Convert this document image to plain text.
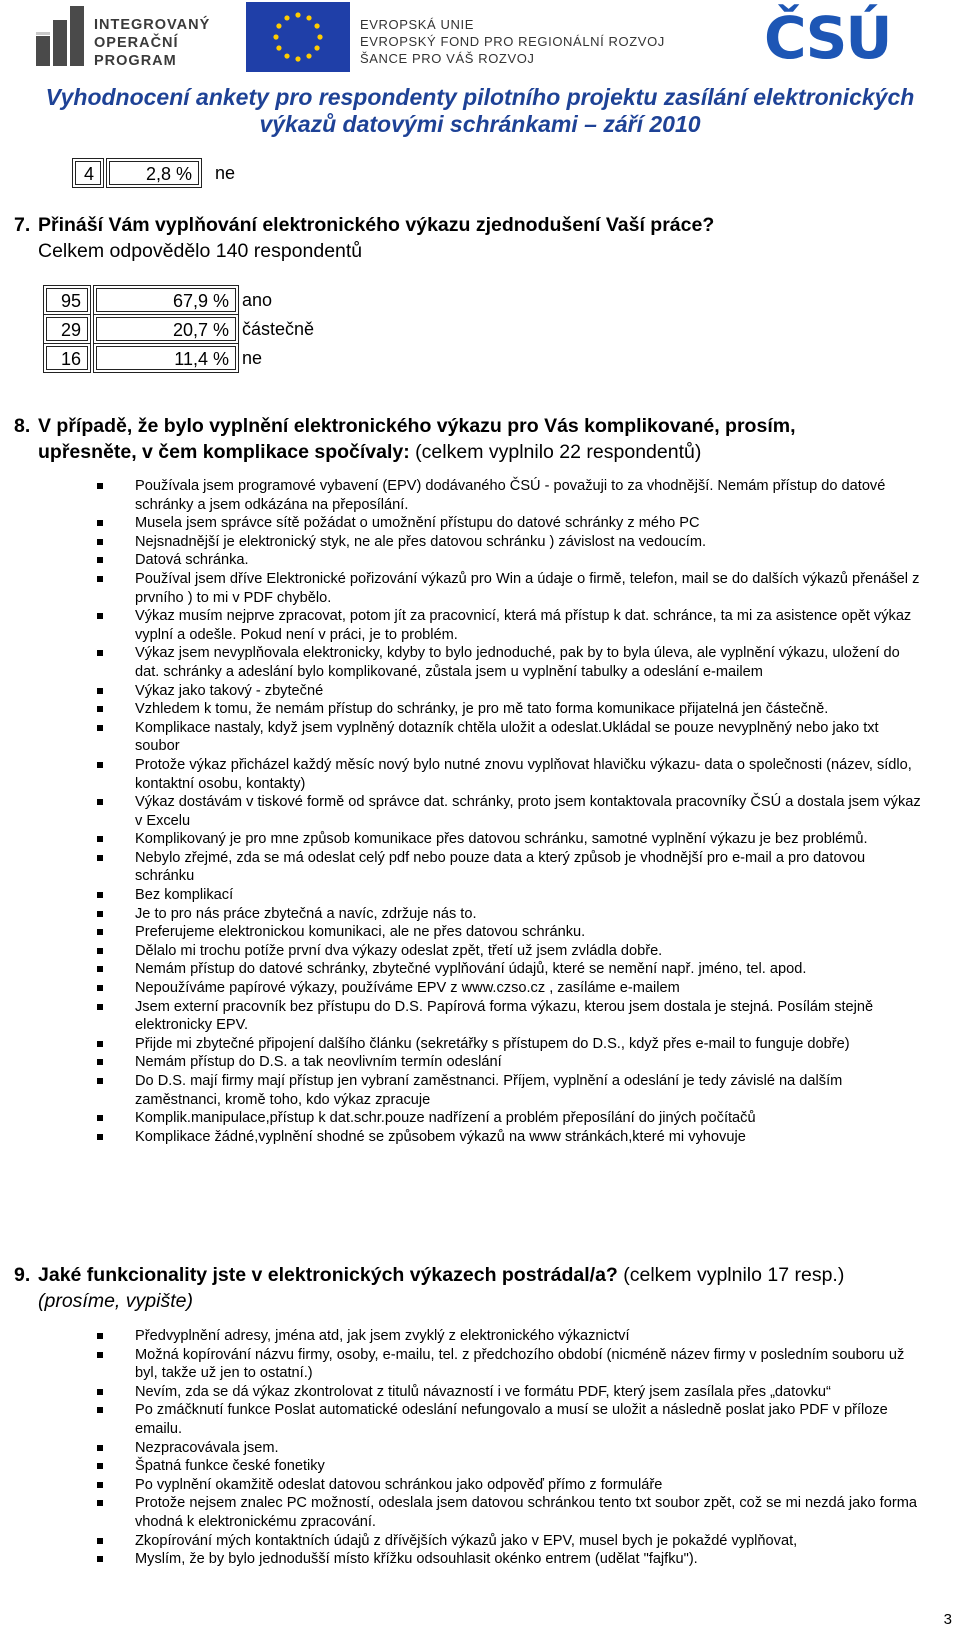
INTEGROVANÝ
OPERAČNÍ
PROGRAM
EVROPSKÁ UNIE
EVROPSKÝ FOND PRO REGIONÁLNÍ ROZVOJ
ŠANCE PRO VÁŠ ROZVOJ	ČSÚ
Vyhodnocení ankety pro respondenty pilotního projektu zasílání elektronických
výkazů datovými schránkami – září 2010
4	2,8 %	ne
7. Přináší Vám vyplňování elektronického výkazu zjednodušení Vaší práce?
Celkem odpovědělo 140 respondentů
95	67,9 % ano
29	20,7 % částečně
16	11,4 % ne
8. V případě, že bylo vyplnění elektronického výkazu pro Vás komplikované, prosím,
upřesněte, v čem komplikace spočívaly: (celkem vyplnilo 22 respondentů)
Používala jsem programové vybavení (EPV) dodávaného ČSÚ - považuji to za vhodnější. Nemám přístup do datové schránky a jsem odkázána na přeposílání.
Musela jsem správce sítě požádat o umožnění přístupu do datové schránky z mého PC
Nejsnadnější je elektronický styk, ne ale přes datovou schránku ) závislost na vedoucím.
Datová schránka.
Používal jsem dříve Elektronické pořizování výkazů pro Win a údaje o firmě, telefon, mail se do dalších výkazů přenášel z prvního ) to mi v PDF chybělo.
Výkaz musím nejprve zpracovat, potom jít za pracovnicí, která má přístup k dat. schránce, ta mi za asistence opět výkaz vyplní a odešle. Pokud není v práci, je to problém.
Výkaz jsem nevyplňovala elektronicky, kdyby to bylo jednoduché, pak by to byla úleva, ale vyplnění výkazu, uložení do dat. schránky a adeslání bylo komplikované, zůstala jsem u vyplnění tabulky a odeslání e-mailem
Výkaz jako takový - zbytečné
Vzhledem k tomu, že nemám přístup do schránky, je pro mě tato forma komunikace přijatelná jen částečně.
Komplikace nastaly, když jsem vyplněný dotazník chtěla uložit a odeslat.Ukládal se pouze nevyplněný nebo jako txt soubor
Protože výkaz přicházel každý měsíc nový bylo nutné znovu vyplňovat hlavičku výkazu- data o společnosti (název, sídlo, kontaktní osobu, kontakty)
Výkaz dostávám v tiskové formě od správce dat. schránky, proto jsem kontaktovala pracovníky ČSÚ a dostala jsem výkaz v Excelu
Komplikovaný je pro mne způsob komunikace přes datovou schránku, samotné vyplnění výkazu je bez problémů.
Nebylo zřejmé, zda se má odeslat celý pdf nebo pouze data a který způsob je vhodnější pro e-mail a pro datovou schránku
Bez komplikací
Je to pro nás práce zbytečná a navíc, zdržuje nás to.
Preferujeme elektronickou komunikaci, ale ne přes datovou schránku.
Dělalo mi trochu potíže první dva výkazy odeslat zpět, třetí už jsem zvládla dobře.
Nemám přístup do datové schránky, zbytečné vyplňování údajů, které se nemění např. jméno, tel. apod.
Nepoužíváme papírové výkazy, používáme EPV z www.czso.cz , zasíláme e-mailem
Jsem externí pracovník bez přístupu do D.S. Papírová forma výkazu, kterou jsem dostala je stejná. Posílám stejně elektronicky EPV.
Přijde mi zbytečné připojení dalšího článku (sekretářky s přístupem do D.S., když přes e-mail to funguje dobře)
Nemám přístup do D.S. a tak neovlivním termín odeslání
Do D.S. mají firmy mají přístup jen vybraní zaměstnanci. Příjem, vyplnění a odeslání je tedy závislé na dalším zaměstnanci, kromě toho, kdo výkaz zpracuje
Komplik.manipulace,přístup k dat.schr.pouze nadřízení a problém přeposílání do jiných počítačů
Komplikace žádné,vyplnění shodné se způsobem výkazů na www stránkách,které mi vyhovuje
9. Jaké funkcionality jste v elektronických výkazech postrádal/a? (celkem vyplnilo 17 resp.)
(prosíme, vypište)
Předvyplnění adresy, jména atd, jak jsem zvyklý z elektronického výkaznictví
Možná kopírování názvu firmy, osoby, e-mailu, tel. z předchozího období (nicméně název firmy v posledním souboru už byl, takže už jen to ostatní.)
Nevím, zda se dá výkaz zkontrolovat z titulů návazností i ve formátu PDF, který jsem zasílala přes „datovku“
Po zmáčknutí funkce Poslat automatické odeslání nefungovalo a musí se uložit a následně poslat jako PDF v příloze emailu.
Nezpracovávala jsem.
Špatná funkce české fonetiky
Po vyplnění okamžitě odeslat datovou schránkou jako odpověď přímo z formuláře
Protože nejsem znalec PC možností, odeslala jsem datovou schránkou tento txt soubor zpět, což se mi nezdá jako forma vhodná k elektronickému zpracování.
Zkopírování mých kontaktních údajů z dřívějších výkazů jako v EPV, musel bych je pokaždé vyplňovat,
Myslím, že by bylo jednodušší místo křížku odsouhlasit okénko entrem (udělat "fajfku").
3
